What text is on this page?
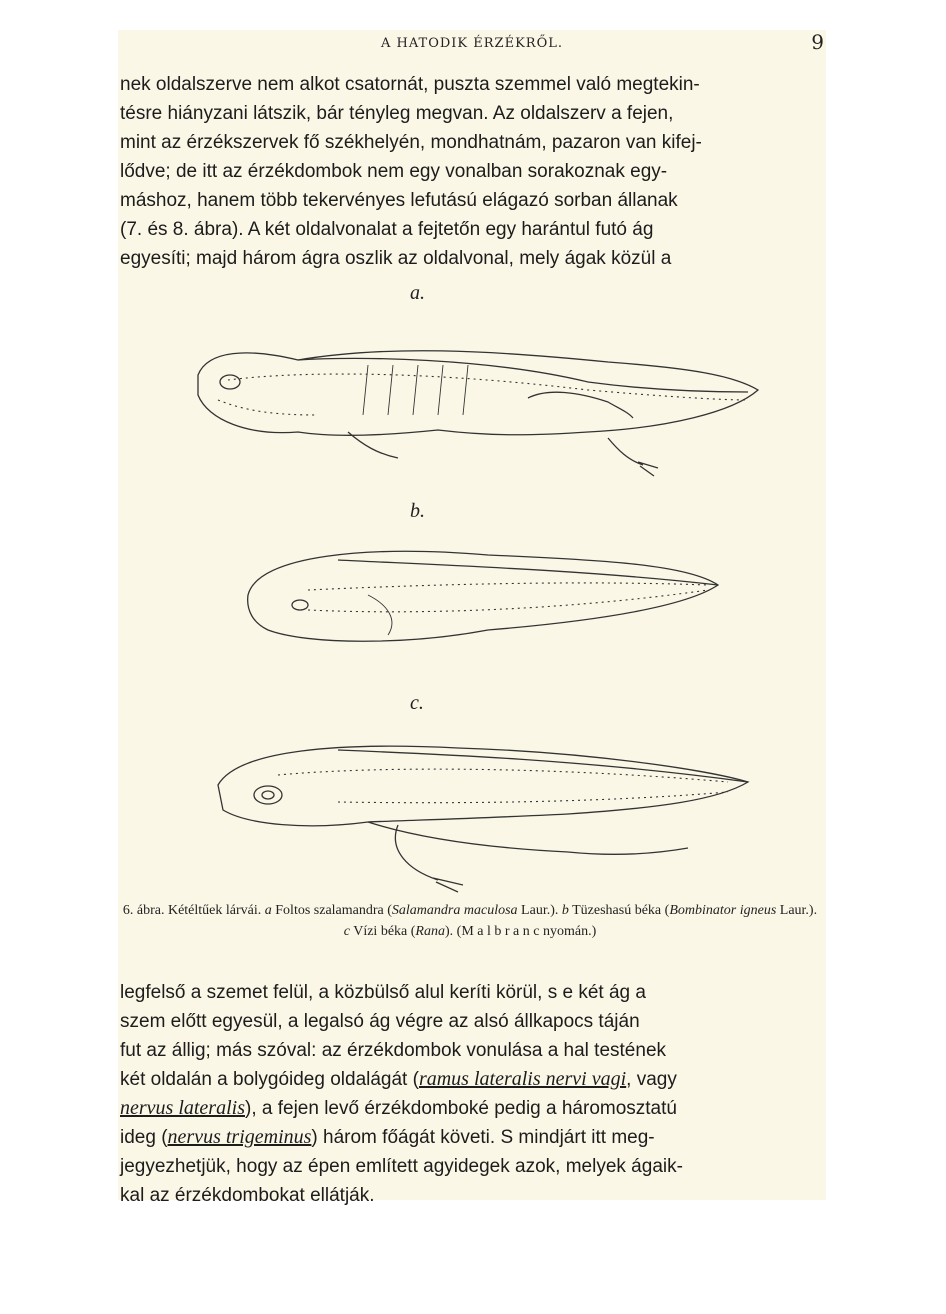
A HATODIK ÉRZÉKRŐL.	9

nek oldalszerve nem alkot csatornát, puszta szemmel való megtekin-

tésre hiányzani látszik, bár tényleg megvan. Az oldalszerv a fejen,

mint az érzékszervek fő székhelyén, mondhatnám, pazaron van kifej-

lődve; de itt az érzékdombok nem egy vonalban sorakoznak egy-

máshoz, hanem több tekervényes lefutású elágazó sorban állanak

(7. és 8. ábra). A két oldalvonalat a fejtetőn egy harántul futó ág

egyesíti; majd három ágra oszlik az oldalvonal, mely ágak közül a

a.
b.
c.
6. ábra. Kétéltűek lárvái. a Foltos szalamandra (Salamandra maculosa Laur.). b Tüzeshasú béka (Bombinator igneus Laur.). c Vízi béka (Rana). (M a l b r a n c nyomán.)

legfelső a szemet felül, a közbülső alul keríti körül, s e két ág a

szem előtt egyesül, a legalsó ág végre az alsó állkapocs táján

fut az állig; más szóval: az érzékdombok vonulása a hal testének

két oldalán a bolygóideg oldalágát (ramus lateralis nervi vagi, vagy

nervus lateralis), a fejen levő érzékdomboké pedig a háromosztatú

ideg (nervus trigeminus) három főágát követi. S mindjárt itt meg-

jegyezhetjük, hogy az épen említett agyidegek azok, melyek ágaik-

kal az érzékdombokat ellátják.
